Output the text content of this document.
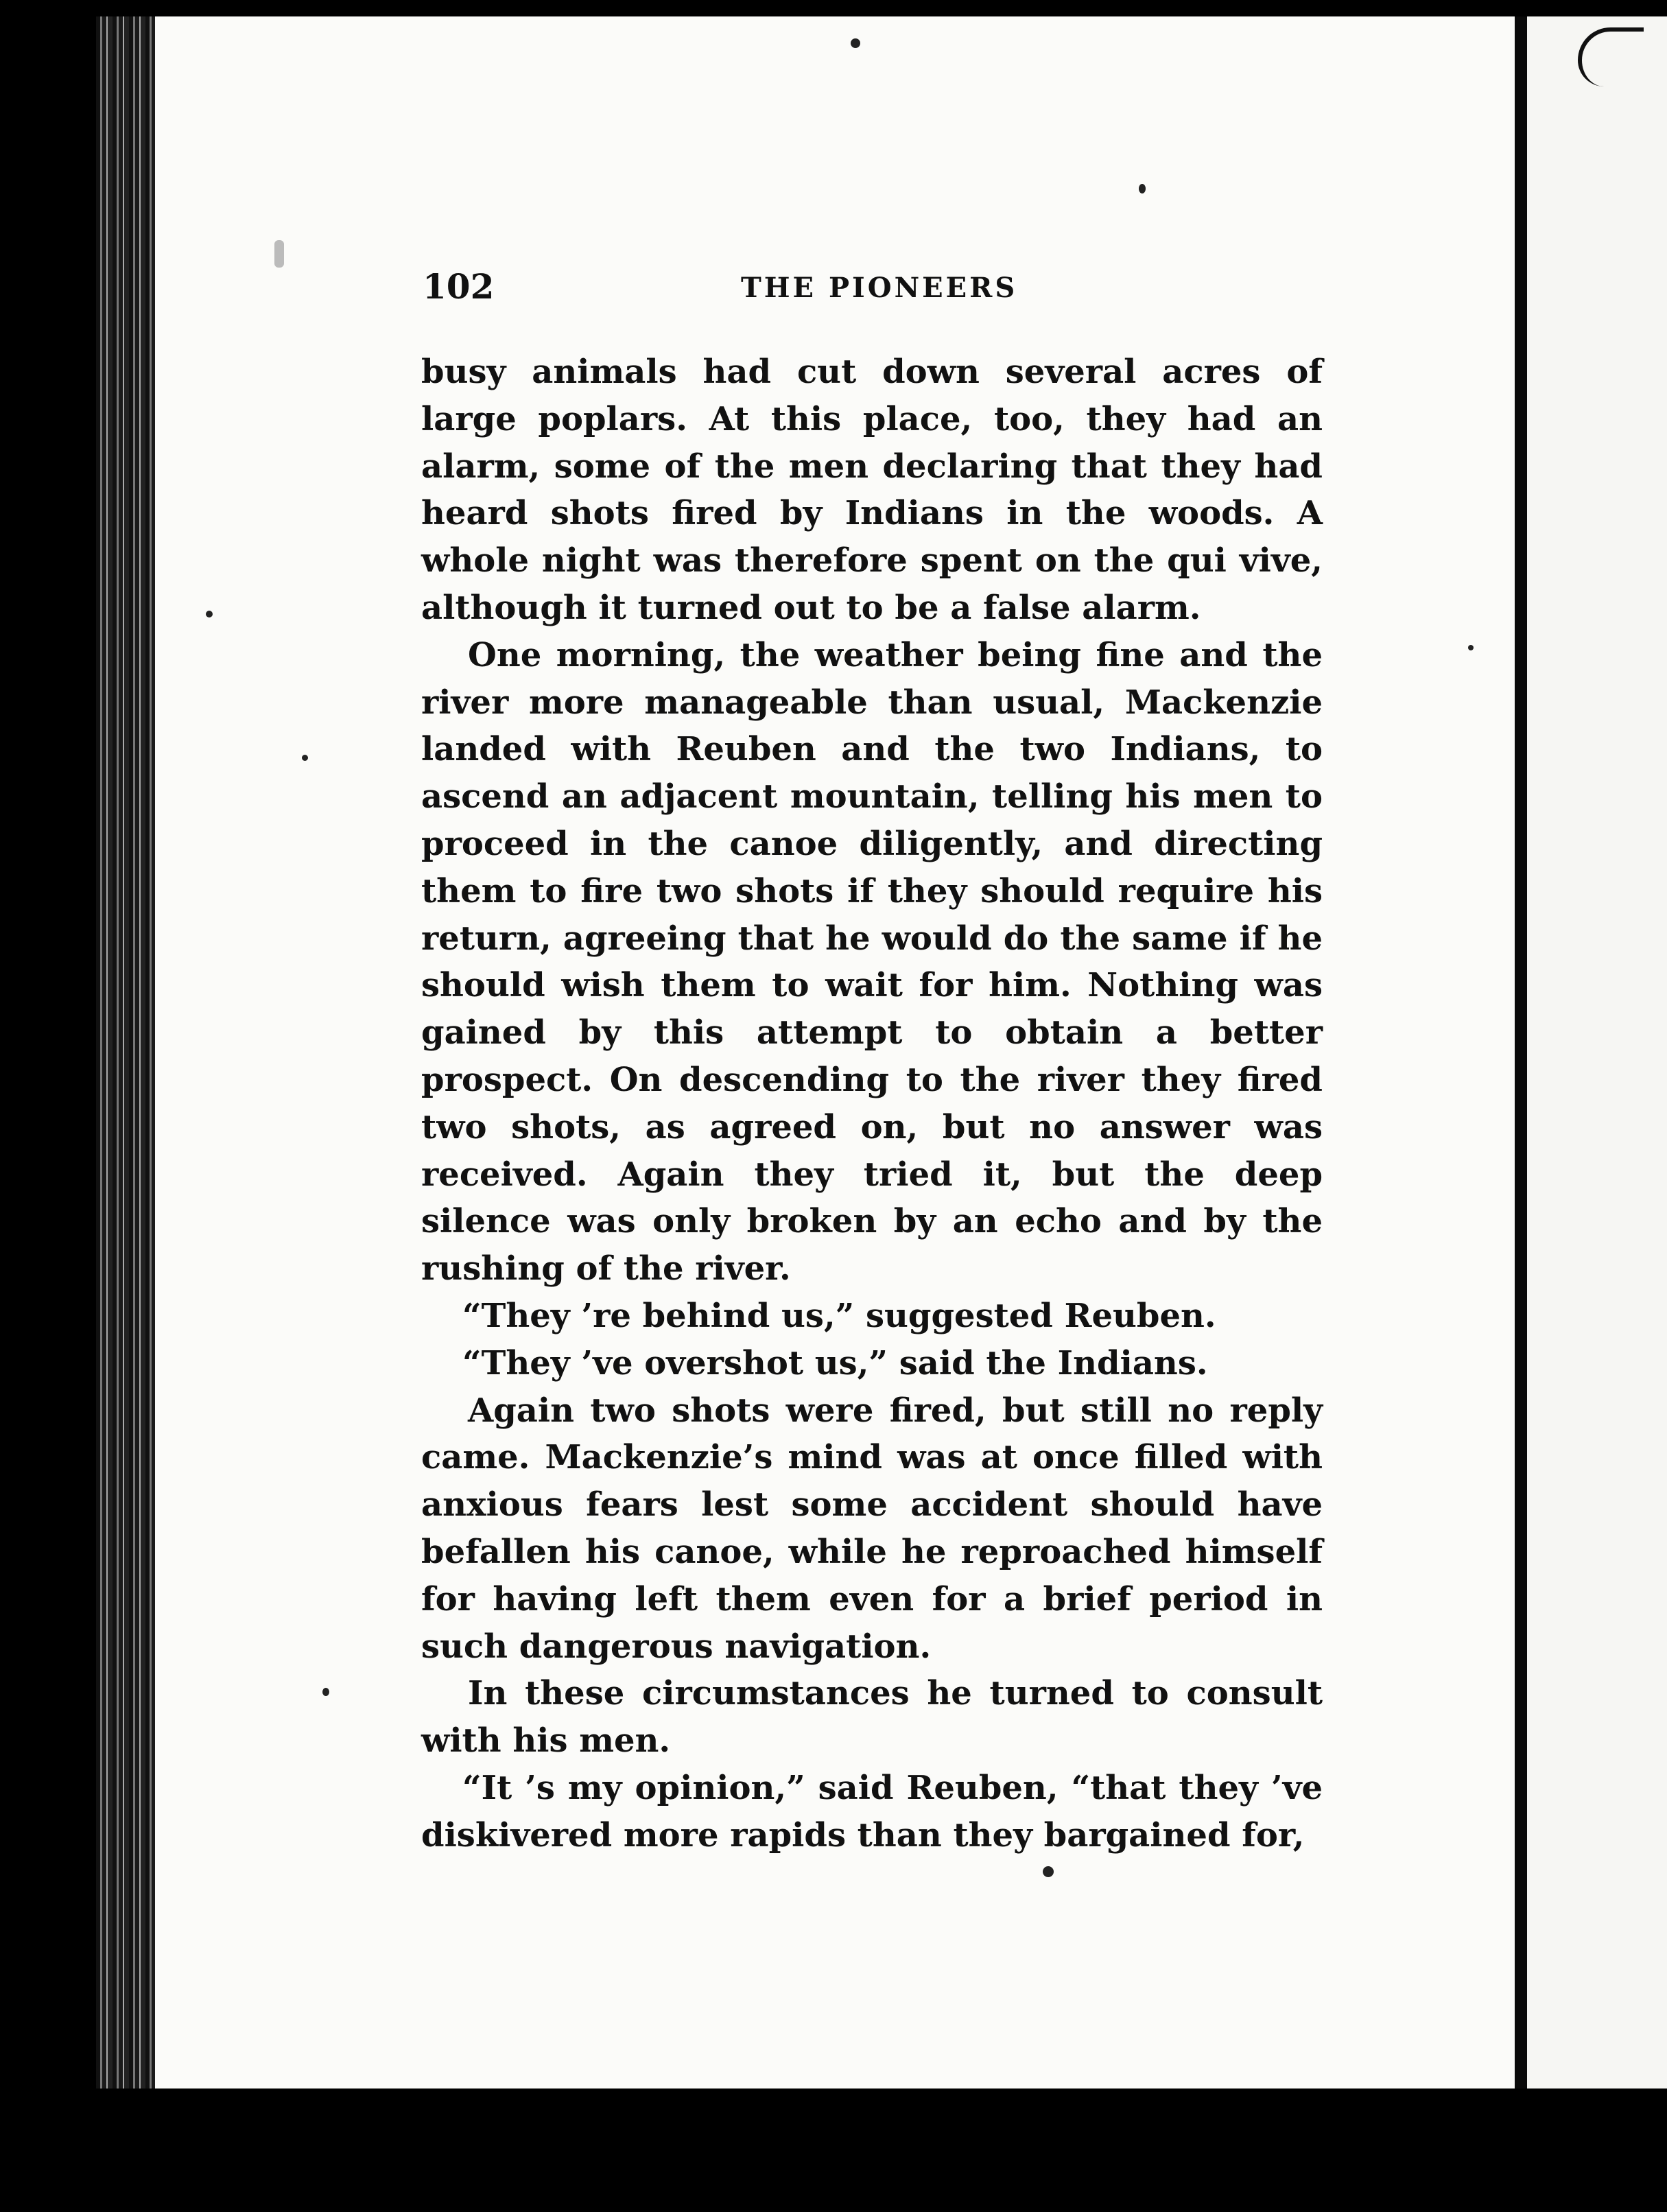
102	THE PIONEERS

busy animals had cut down several acres of large poplars. At this place, too, they had an alarm, some of the men declaring that they had heard shots fired by Indians in the woods. A whole night was therefore spent on the qui vive, although it turned out to be a false alarm.

One morning, the weather being fine and the river more manageable than usual, Mackenzie landed with Reuben and the two Indians, to ascend an adjacent mountain, telling his men to proceed in the canoe diligently, and directing them to fire two shots if they should require his return, agreeing that he would do the same if he should wish them to wait for him. Nothing was gained by this attempt to obtain a better prospect. On descending to the river they fired two shots, as agreed on, but no answer was received. Again they tried it, but the deep silence was only broken by an echo and by the rushing of the river.

“They ’re behind us,” suggested Reuben.

“They ’ve overshot us,” said the Indians.

Again two shots were fired, but still no reply came. Mackenzie’s mind was at once filled with anxious fears lest some accident should have befallen his canoe, while he reproached himself for having left them even for a brief period in such dangerous navigation.

In these circumstances he turned to consult with his men.

“It ’s my opinion,” said Reuben, “that they ’ve diskivered more rapids than they bargained for,
